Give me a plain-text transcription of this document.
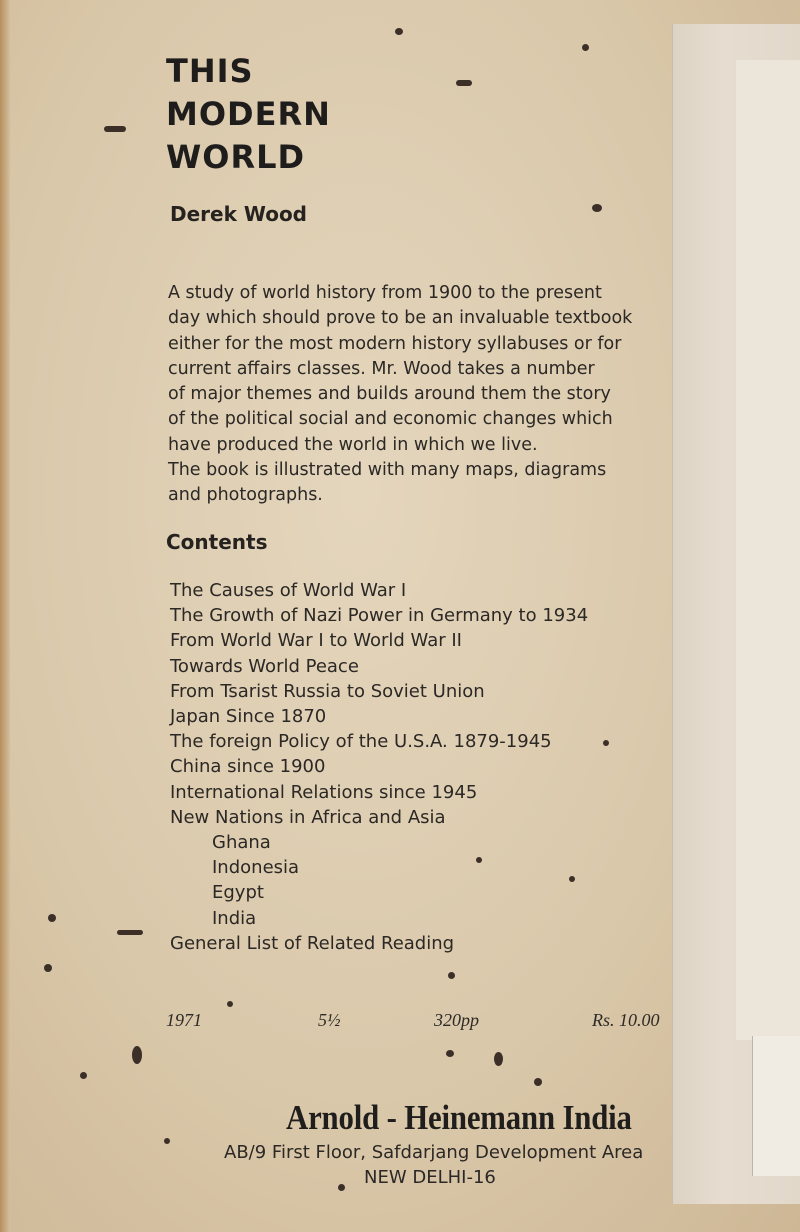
THIS
MODERN
WORLD
Derek Wood
A study of world history from 1900 to the present
day which should prove to be an invaluable textbook
either for the most modern history syllabuses or for
current affairs classes. Mr. Wood takes a number
of major themes and builds around them the story
of the political social and economic changes which
have produced the world in which we live.
The book is illustrated with many maps, diagrams
and photographs.
Contents
The Causes of World War I
The Growth of Nazi Power in Germany to 1934
From World War I to World War II
Towards World Peace
From Tsarist Russia to Soviet Union
Japan Since 1870
The foreign Policy of the U.S.A. 1879-1945
China since 1900
International Relations since 1945
New Nations in Africa and Asia
Ghana
Indonesia
Egypt
India
General List of Related Reading
1971	5½	320pp	Rs. 10.00
Arnold - Heinemann India
AB/9 First Floor, Safdarjang Development Area
NEW DELHI-16
